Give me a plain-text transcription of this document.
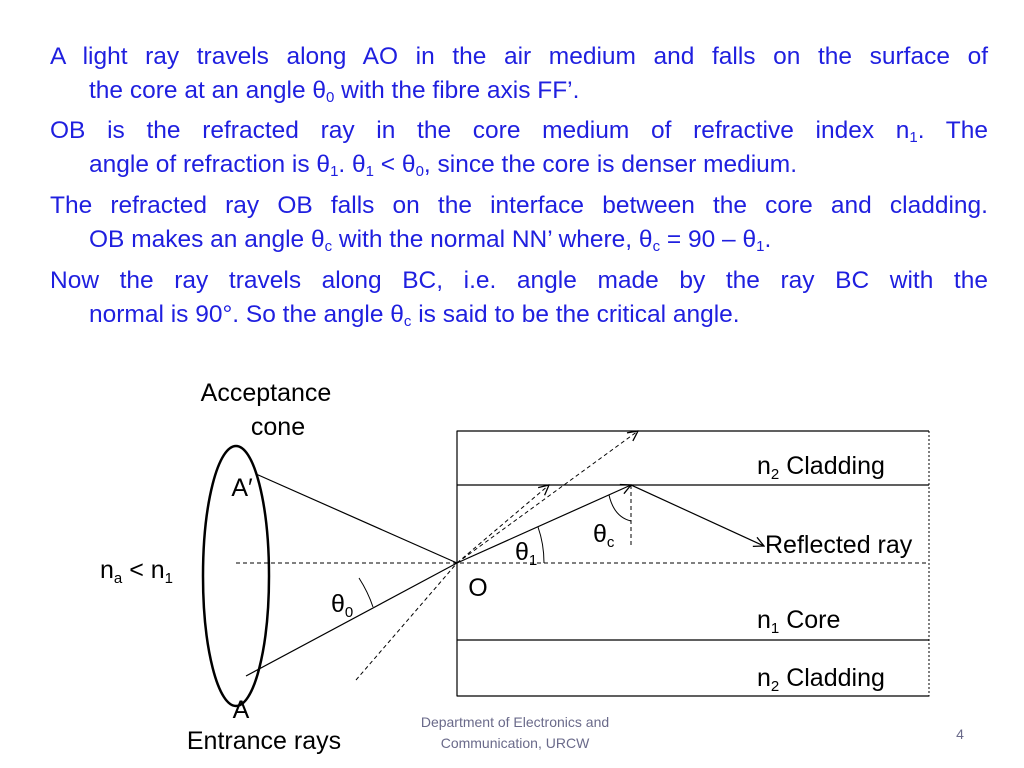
A light ray travels along AO in the air medium and falls on the surface of
the core at an angle $\theta_0$ with the fibre axis FF’.
OB is the refracted ray in the core medium of refractive index $n_1$. The
angle of refraction is $\theta_1$. $\theta_1 < \theta_0$, since the core is denser medium.
The refracted ray OB falls on the interface between the core and cladding.
OB makes an angle $\theta_c$ with the normal NN’ where, $\theta_c = 90 - \theta_1$.
Now the ray travels along BC, i.e. angle made by the ray BC with the
normal is 90°. So the angle $\theta_c$ is said to be the critical angle.
Acceptance
cone
A′
A
Entrance rays
$n_a < n_1$
$\theta_0$
$\theta_1$
$\theta_c$
O
$n_2$ Cladding
Reflected ray
$n_1$ Core
$n_2$ Cladding
Department of Electronics and
Communication, URCW
4
